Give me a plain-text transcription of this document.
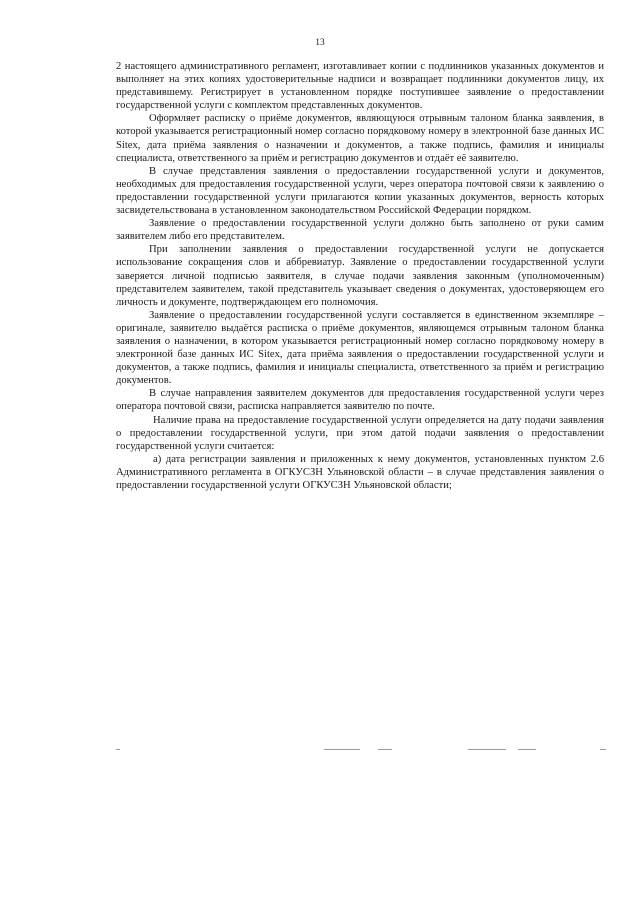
13

2 настоящего административного регламент, изготавливает копии с подлинников указанных документов и выполняет на этих копиях удостоверительные надписи и возвращает подлинники документов лицу, их представившему. Регистрирует в установленном порядке поступившее заявление о предоставлении государственной услуги с комплектом представленных документов.

Оформляет расписку о приёме документов, являющуюся отрывным талоном бланка заявления, в которой указывается регистрационный номер согласно порядковому номеру в электронной базе данных ИС Sitex, дата приёма заявления о назначении и документов, а также подпись, фамилия и инициалы специалиста, ответственного за приём и регистрацию документов и отдаёт её заявителю.

В случае представления заявления о предоставлении государственной услуги и документов, необходимых для предоставления государственной услуги, через оператора почтовой связи к заявлению о предоставлении государственной услуги прилагаются копии указанных документов, верность которых засвидетельствована в установленном законодательством Российской Федерации порядком.

Заявление о предоставлении государственной услуги должно быть заполнено от руки самим заявителем либо его представителем.

При заполнении заявления о предоставлении государственной услуги не допускается использование сокращения слов и аббревиатур. Заявление о предоставлении государственной услуги заверяется личной подписью заявителя, в случае подачи заявления законным (уполномоченным) представителем заявителем, такой представитель указывает сведения о документах, удостоверяющем его личность и документе, подтверждающем его полномочия.

Заявление о предоставлении государственной услуги составляется в единственном экземпляре – оригинале, заявителю выдаётся расписка о приёме документов, являющемся отрывным талоном бланка заявления о назначении, в котором указывается регистрационный номер согласно порядковому номеру в электронной базе данных ИС Sitex, дата приёма заявления о предоставлении государственной услуги и документов, а также подпись, фамилия и инициалы специалиста, ответственного за приём и регистрацию документов.

В случае направления заявителем документов для предоставления государственной услуги через оператора почтовой связи, расписка направляется заявителю по почте.

Наличие права на предоставление государственной услуги определяется на дату подачи заявления о предоставлении государственной услуги, при этом датой подачи заявления о предоставлении государственной услуги считается:

а) дата регистрации заявления и приложенных к нему документов, установленных пунктом 2.6 Административного регламента в ОГКУСЗН Ульяновской области – в случае представления заявления о предоставлении государственной услуги ОГКУСЗН Ульяновской области;
